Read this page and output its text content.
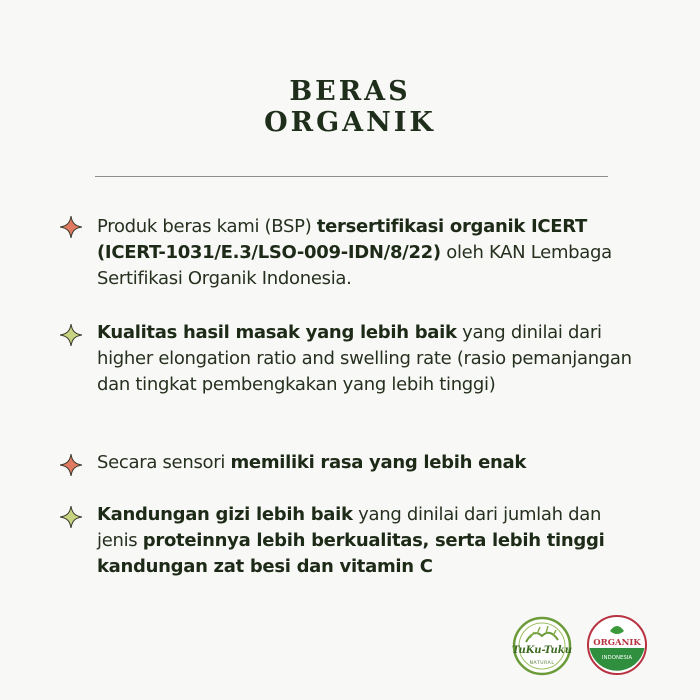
BERAS
ORGANIK
Produk beras kami (BSP) tersertifikasi organik ICERT (ICERT-1031/E.3/LSO-009-IDN/8/22) oleh KAN Lembaga Sertifikasi Organik Indonesia.
Kualitas hasil masak yang lebih baik yang dinilai dari higher elongation ratio and swelling rate (rasio pemanjangan dan tingkat pembengkakan yang lebih tinggi)
Secara sensori memiliki rasa yang lebih enak
Kandungan gizi lebih baik yang dinilai dari jumlah dan jenis proteinnya lebih berkualitas, serta lebih tinggi kandungan zat besi dan vitamin C
TuKu-Tuku
NATURAL
ORGANIK
INDONESIA
